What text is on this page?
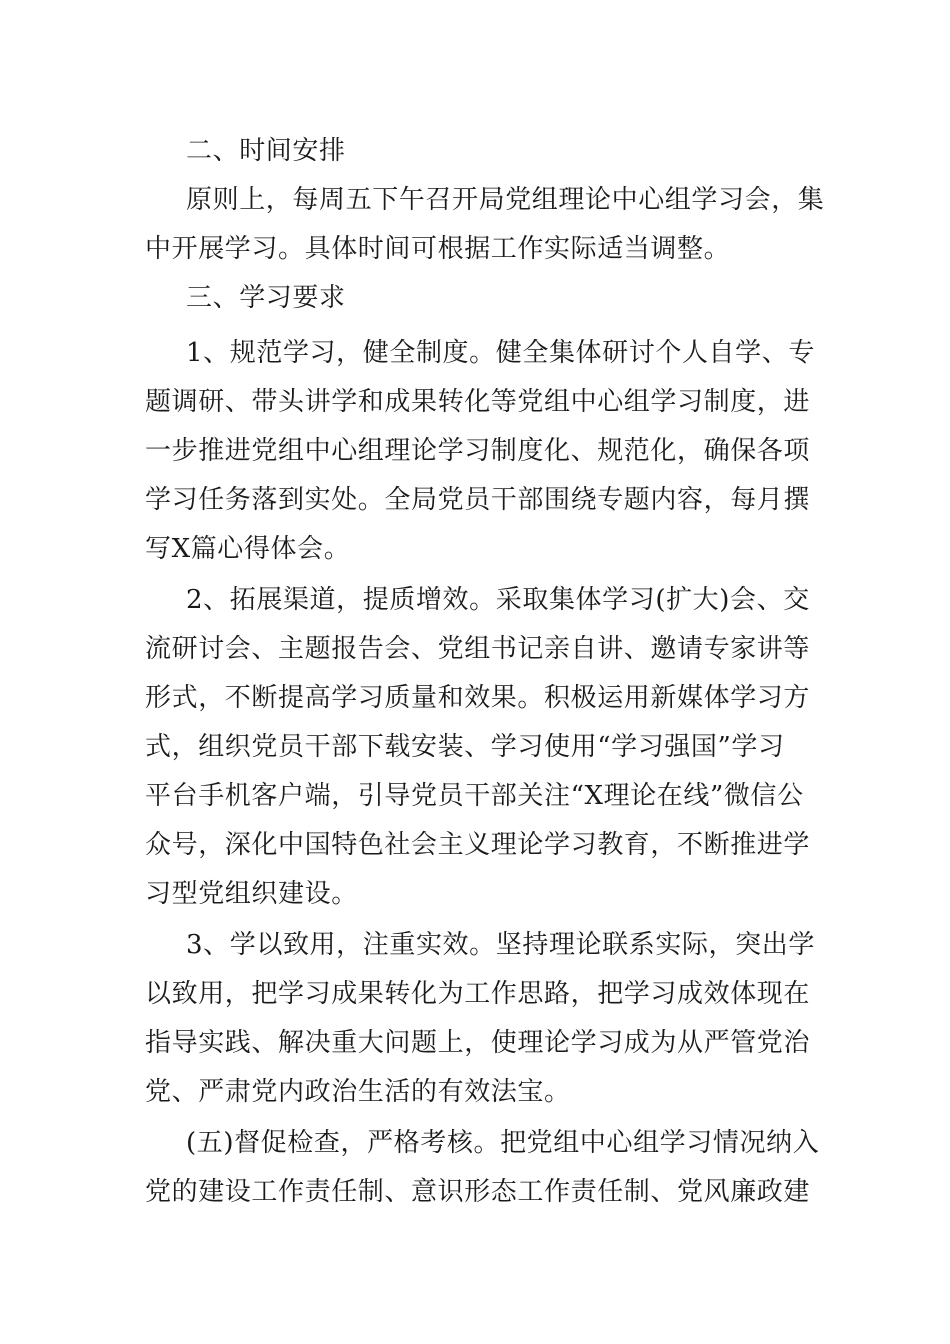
二、时间安排
原则上，每周五下午召开局党组理论中心组学习会，集
中开展学习。具体时间可根据工作实际适当调整。
三、学习要求
1、规范学习，健全制度。健全集体研讨个人自学、专
题调研、带头讲学和成果转化等党组中心组学习制度，进
一步推进党组中心组理论学习制度化、规范化，确保各项
学习任务落到实处。全局党员干部围绕专题内容，每月撰
写X篇心得体会。
2、拓展渠道，提质增效。采取集体学习(扩大)会、交
流研讨会、主题报告会、党组书记亲自讲、邀请专家讲等
形式，不断提高学习质量和效果。积极运用新媒体学习方
式，组织党员干部下载安装、学习使用“学习强国”学习
平台手机客户端，引导党员干部关注“X理论在线”微信公
众号，深化中国特色社会主义理论学习教育，不断推进学
习型党组织建设。
3、学以致用，注重实效。坚持理论联系实际，突出学
以致用，把学习成果转化为工作思路，把学习成效体现在
指导实践、解决重大问题上，使理论学习成为从严管党治
党、严肃党内政治生活的有效法宝。
(五)督促检查，严格考核。把党组中心组学习情况纳入
党的建设工作责任制、意识形态工作责任制、党风廉政建
